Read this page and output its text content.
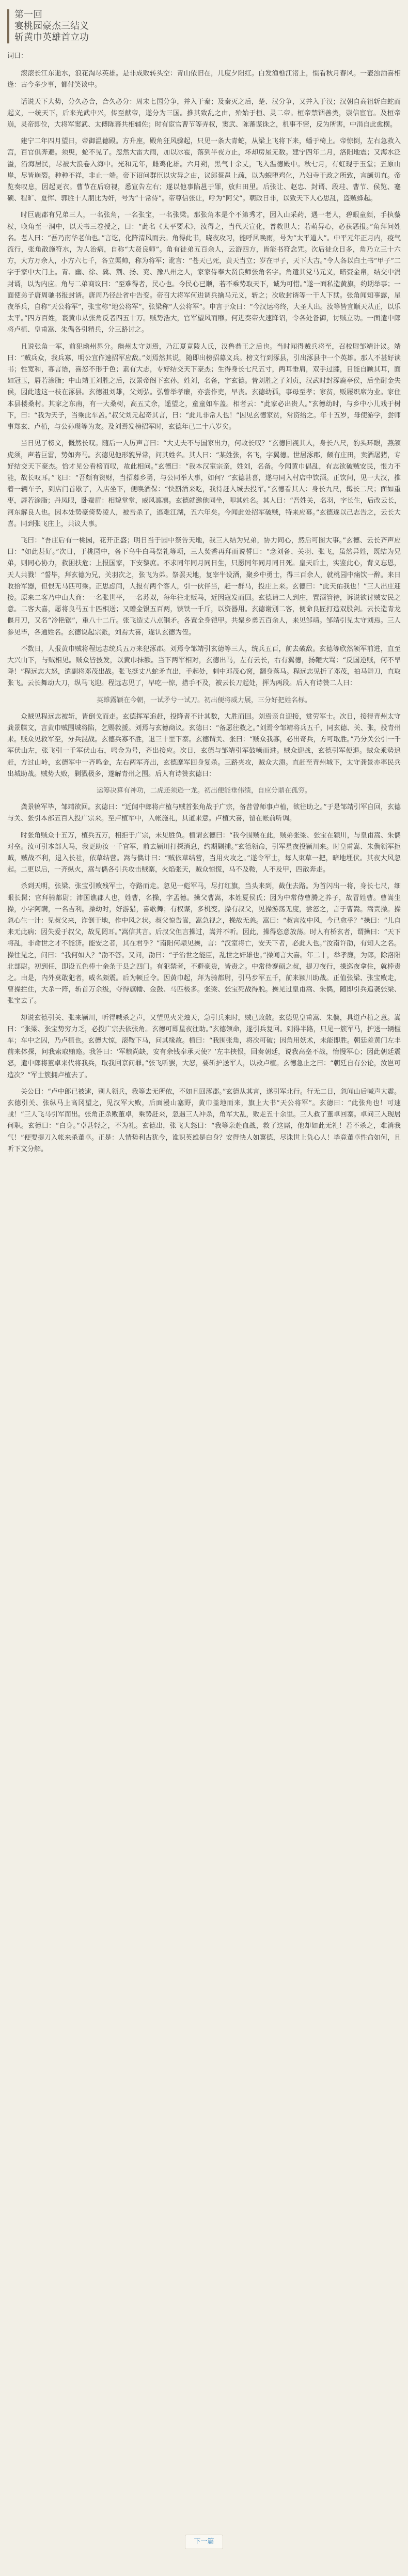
第一回
宴桃园豪杰三结义
斩黄巾英雄首立功

词曰：

滚滚长江东逝水，浪花淘尽英雄。是非成败转头空：青山依旧在，几度夕阳红。白发渔樵江渚上，惯看秋月春风。一壶浊酒喜相逢：古今多少事，都付笑谈中。

话说天下大势，分久必合，合久必分：周末七国分争，并入于秦；及秦灭之后，楚、汉分争，又并入于汉；汉朝自高祖斩白蛇而起义，一统天下，后来光武中兴，传至献帝，遂分为三国。推其致乱之由，殆始于桓、灵二帝。桓帝禁锢善类，崇信宦官。及桓帝崩，灵帝即位，大将军窦武、太傅陈蕃共相辅佐；时有宦官曹节等弄权，窦武、陈蕃谋诛之，机事不密，反为所害，中涓自此愈横。

建宁二年四月望日，帝御温德殿。方升座，殿角狂风骤起，只见一条大青蛇，从梁上飞将下来，蟠于椅上。帝惊倒，左右急救入宫，百官俱奔避。须臾，蛇不见了。忽然大雷大雨，加以冰雹，落到半夜方止，坏却房屋无数。建宁四年二月，洛阳地震；又海水泛溢，沿海居民，尽被大浪卷入海中。光和元年，雌鸡化雄。六月朔，黑气十余丈，飞入温德殿中。秋七月，有虹现于玉堂；五原山岸，尽皆崩裂。种种不祥，非止一端。帝下诏问群臣以灾异之由，议郎蔡邕上疏，以为蜺堕鸡化，乃妇寺干政之所致，言颇切直。帝览奏叹息，因起更衣。曹节在后窃视，悉宣告左右；遂以他事陷邕于罪，放归田里。后张让、赵忠、封谞、段珪、曹节、侯览、蹇硕、程旷、夏恽、郭胜十人朋比为奸，号为“十常侍”。帝尊信张让，呼为“阿父”。朝政日非，以致天下人心思乱，盗贼蜂起。

时巨鹿郡有兄弟三人，一名张角，一名张宝，一名张梁。那张角本是个不第秀才，因入山采药，遇一老人，碧眼童颜，手执藜杖，唤角至一洞中，以天书三卷授之，曰：“此名《太平要术》，汝得之，当代天宣化，普救世人；若萌异心，必获恶报。”角拜问姓名。老人曰：“吾乃南华老仙也。”言讫，化阵清风而去。角得此书，晓夜攻习，能呼风唤雨，号为“太平道人”。中平元年正月内，疫气流行，张角散施符水，为人治病，自称“大贤良师”。角有徒弟五百余人，云游四方，皆能书符念咒。次后徒众日多，角乃立三十六方，大方万余人，小方六七千，各立渠帅，称为将军；讹言：“苍天已死，黄天当立；岁在甲子，天下大吉。”令人各以白土书“甲子”二字于家中大门上。青、幽、徐、冀、荆、扬、兖、豫八州之人，家家侍奉大贤良师张角名字。角遣其党马元义，暗赍金帛，结交中涓封谞，以为内应。角与二弟商议曰：“至难得者，民心也。今民心已顺，若不乘势取天下，诚为可惜。”遂一面私造黄旗，约期举事；一面使弟子唐周驰书报封谞。唐周乃径赴省中告变。帝召大将军何进调兵擒马元义，斩之；次收封谞等一干人下狱。张角闻知事露，星夜举兵，自称“天公将军”，张宝称“地公将军”，张梁称“人公将军”。申言于众曰：“今汉运将终，大圣人出。汝等皆宜顺天从正，以乐太平。”四方百姓，裹黄巾从张角反者四五十万。贼势浩大，官军望风而靡。何进奏帝火速降诏，令各处备御，讨贼立功。一面遣中郎将卢植、皇甫嵩、朱儁各引精兵，分三路讨之。

且说张角一军，前犯幽州界分。幽州太守刘焉，乃江夏竟陵人氏，汉鲁恭王之后也。当时闻得贼兵将至，召校尉邹靖计议。靖曰：“贼兵众，我兵寡，明公宜作速招军应敌。”刘焉然其说，随即出榜招募义兵。榜文行到涿县，引出涿县中一个英雄。那人不甚好读书；性宽和，寡言语，喜怒不形于色；素有大志，专好结交天下豪杰；生得身长七尺五寸，两耳垂肩，双手过膝，目能自顾其耳，面如冠玉，唇若涂脂；中山靖王刘胜之后，汉景帝阁下玄孙，姓刘，名备，字玄德。昔刘胜之子刘贞，汉武时封涿鹿亭侯，后坐酎金失侯，因此遗这一枝在涿县。玄德祖刘雄，父刘弘。弘曾举孝廉，亦尝作吏，早丧。玄德幼孤，事母至孝；家贫，贩屦织席为业。家住本县楼桑村。其家之东南，有一大桑树，高五丈余，遥望之，童童如车盖。相者云：“此家必出贵人。”玄德幼时，与乡中小儿戏于树下，曰：“我为天子，当乘此车盖。”叔父刘元起奇其言，曰：“此儿非常人也！”因见玄德家贫，常资给之。年十五岁，母使游学，尝师事郑玄、卢植，与公孙瓒等为友。及刘焉发榜招军时，玄德年已二十八岁矣。

当日见了榜文，慨然长叹。随后一人厉声言曰：“大丈夫不与国家出力，何故长叹？”玄德回视其人，身长八尺，豹头环眼，燕颔虎须，声若巨雷，势如奔马。玄德见他形貌异常，问其姓名。其人曰：“某姓张，名飞，字翼德。世居涿郡，颇有庄田，卖酒屠猪，专好结交天下豪杰。恰才见公看榜而叹，故此相问。”玄德曰：“我本汉室宗亲，姓刘，名备。今闻黄巾倡乱，有志欲破贼安民，恨力不能，故长叹耳。”飞曰：“吾颇有资财，当招募乡勇，与公同举大事，如何？”玄德甚喜，遂与同入村店中饮酒。正饮间，见一大汉，推着一辆车子，到店门首歇了，入店坐下，便唤酒保：“快斟酒来吃，我待赶入城去投军。”玄德看其人：身长九尺，髯长二尺；面如重枣，唇若涂脂；丹凤眼，卧蚕眉：相貌堂堂，威风凛凛。玄德就邀他同坐，叩其姓名。其人曰：“吾姓关，名羽，字长生，后改云长，河东解良人也。因本处势豪倚势凌人，被吾杀了，逃难江湖，五六年矣。今闻此处招军破贼，特来应募。”玄德遂以己志告之，云长大喜。同到张飞庄上，共议大事。

飞曰：“吾庄后有一桃园，花开正盛；明日当于园中祭告天地，我三人结为兄弟，协力同心，然后可图大事。”玄德、云长齐声应曰：“如此甚好。”次日，于桃园中，备下乌牛白马祭礼等项，三人焚香再拜而说誓曰：“念刘备、关羽、张飞，虽然异姓，既结为兄弟，则同心协力，救困扶危；上报国家，下安黎庶。不求同年同月同日生，只愿同年同月同日死。皇天后土，实鉴此心，背义忘恩，天人共戮！”誓毕，拜玄德为兄，关羽次之，张飞为弟。祭罢天地，复宰牛设酒，聚乡中勇士，得三百余人，就桃园中痛饮一醉。来日收拾军器，但恨无马匹可乘。正思虑间，人报有两个客人，引一伙伴当，赶一群马，投庄上来。玄德曰：“此天佑我也！”三人出庄迎接。原来二客乃中山大商：一名张世平，一名苏双，每年往北贩马，近因寇发而回。玄德请二人到庄，置酒管待，诉说欲讨贼安民之意。二客大喜，愿将良马五十匹相送；又赠金银五百两，镔铁一千斤，以资器用。玄德谢别二客，便命良匠打造双股剑。云长造青龙偃月刀，又名“冷艳锯”，重八十二斤。张飞造丈八点钢矛。各置全身铠甲。共聚乡勇五百余人，来见邹靖。邹靖引见太守刘焉。三人参见毕，各通姓名。玄德说起宗派，刘焉大喜，遂认玄德为侄。

不数日，人报黄巾贼将程远志统兵五万来犯涿郡。刘焉令邹靖引玄德等三人，统兵五百，前去破敌。玄德等欣然领军前进，直至大兴山下，与贼相见。贼众皆披发，以黄巾抹额。当下两军相对，玄德出马，左有云长，右有翼德，扬鞭大骂：“反国逆贼，何不早降！”程远志大怒，遣副将邓茂出战。张飞挺丈八蛇矛直出，手起处，刺中邓茂心窝，翻身落马。程远志见折了邓茂，拍马舞刀，直取张飞。云长舞动大刀，纵马飞迎。程远志见了，早吃一惊，措手不及，被云长刀起处，挥为两段。后人有诗赞二人曰：

英雄露颖在今朝，一试矛兮一试刀。初出便将威力展，三分好把姓名标。

众贼见程远志被斩，皆倒戈而走。玄德挥军追赶，投降者不计其数，大胜而回。刘焉亲自迎接，赏劳军士。次日，接得青州太守龚景牒文，言黄巾贼围城将陷，乞赐救援。刘焉与玄德商议。玄德曰：“备愿往救之。”刘焉令邹靖将兵五千，同玄德、关、张，投青州来。贼众见救军至，分兵混战。玄德兵寡不胜，退三十里下寨。玄德谓关、张曰：“贼众我寡，必出奇兵，方可取胜。”乃分关公引一千军伏山左，张飞引一千军伏山右，鸣金为号，齐出接应。次日，玄德与邹靖引军鼓噪而进。贼众迎战，玄德引军便退。贼众乘势追赶，方过山岭，玄德军中一齐鸣金，左右两军齐出，玄德麾军回身复杀。三路夹攻，贼众大溃。直赶至青州城下，太守龚景亦率民兵出城助战。贼势大败，剿戮极多，遂解青州之围。后人有诗赞玄德曰：

运筹决算有神功，二虎还须逊一龙。初出便能垂伟绩，自应分鼎在孤穷。

龚景犒军毕，邹靖欲回。玄德曰：“近闻中郎将卢植与贼首张角战于广宗，备昔曾师事卢植，欲往助之。”于是邹靖引军自回，玄德与关、张引本部五百人投广宗来。至卢植军中，入帐施礼，具道来意。卢植大喜，留在帐前听调。

时张角贼众十五万，植兵五万，相拒于广宗，未见胜负。植谓玄德曰：“我今围贼在此，贼弟张梁、张宝在颍川，与皇甫嵩、朱儁对垒。汝可引本部人马，我更助汝一千官军，前去颍川打探消息，约期剿捕。”玄德领命，引军星夜投颍川来。时皇甫嵩、朱儁领军拒贼，贼战不利，退入长社，依草结营。嵩与儁计曰：“贼依草结营，当用火攻之。”遂令军士，每人束草一把，暗地埋伏。其夜大风忽起。二更以后，一齐纵火，嵩与儁各引兵攻击贼寨，火焰张天，贼众惊慌，马不及鞍，人不及甲，四散奔走。

杀到天明，张梁、张宝引败残军士，夺路而走。忽见一彪军马，尽打红旗，当头来到，截住去路。为首闪出一将，身长七尺，细眼长髯；官拜骑都尉；沛国谯郡人也，姓曹，名操，字孟德。操父曹嵩，本姓夏侯氏；因为中常侍曹腾之养子，故冒姓曹。曹嵩生操，小字阿瞒，一名吉利。操幼时，好游猎，喜歌舞；有权谋，多机变。操有叔父，见操游荡无度，尝怒之，言于曹嵩。嵩责操。操忽心生一计：见叔父来，诈倒于地，作中风之状。叔父惊告嵩，嵩急视之，操故无恙。嵩曰：“叔言汝中风，今已愈乎？”操曰：“儿自来无此病；因失爱于叔父，故见罔耳。”嵩信其言。后叔父但言操过，嵩并不听。因此，操得恣意放荡。时人有桥玄者，谓操曰：“天下将乱，非命世之才不能济。能安之者，其在君乎？”南阳何颙见操，言：“汉室将亡，安天下者，必此人也。”汝南许劭，有知人之名。操往见之，问曰：“我何如人？”劭不答。又问，劭曰：“子治世之能臣，乱世之奸雄也。”操闻言大喜。年二十，举孝廉，为郎，除洛阳北部尉。初到任，即设五色棒十余条于县之四门。有犯禁者，不避豪贵，皆责之。中常侍蹇硕之叔，提刀夜行，操巡夜拿住，就棒责之。由是，内外莫敢犯者，威名颇震。后为顿丘令。因黄巾起，拜为骑都尉，引马步军五千，前来颍川助战。正值张梁、张宝败走，曹操拦住，大杀一阵，斩首万余级，夺得旗幡、金鼓、马匹极多。张梁、张宝死战得脱。操见过皇甫嵩、朱儁，随即引兵追袭张梁、张宝去了。

却说玄德引关、张来颍川，听得喊杀之声，又望见火光烛天，急引兵来时，贼已败散。玄德见皇甫嵩、朱儁，具道卢植之意。嵩曰：“张梁、张宝势穷力乏，必投广宗去依张角。玄德可即星夜往助。”玄德领命，遂引兵复回。到得半路，只见一簇军马，护送一辆槛车；车中之囚，乃卢植也。玄德大惊，滚鞍下马，问其缘故。植曰：“我围张角，将次可破；因角用妖术，未能即胜。朝廷差黄门左丰前来体探，问我索取贿赂。我答曰：‘军粮尚缺，安有余钱奉承天使？’左丰挟恨，回奏朝廷，说我高垒不战，惰慢军心；因此朝廷震怒，遣中郎将董卓来代将我兵，取我回京问罪。”张飞听罢，大怒，要斩护送军人，以救卢植。玄德急止之曰：“朝廷自有公论，汝岂可造次？”军士簇拥卢植去了。

关公曰：“卢中郎已被逮，别人领兵，我等去无所依，不如且回涿郡。”玄德从其言，遂引军北行。行无二日，忽闻山后喊声大震。玄德引关、张纵马上高冈望之，见汉军大败，后面漫山塞野，黄巾盖地而来，旗上大书“天公将军”。玄德曰：“此张角也！可速战！”三人飞马引军而出。张角正杀败董卓，乘势赶来，忽遇三人冲杀，角军大乱，败走五十余里。三人救了董卓回寨。卓问三人现居何职。玄德曰：“白身。”卓甚轻之，不为礼。玄德出，张飞大怒曰：“我等亲赴血战，救了这厮，他却如此无礼！若不杀之，难消我气！”便要提刀入帐来杀董卓。正是：人情势利古犹今，谁识英雄是白身？安得快人如翼德，尽诛世上负心人！毕竟董卓性命如何，且听下文分解。

下一篇
